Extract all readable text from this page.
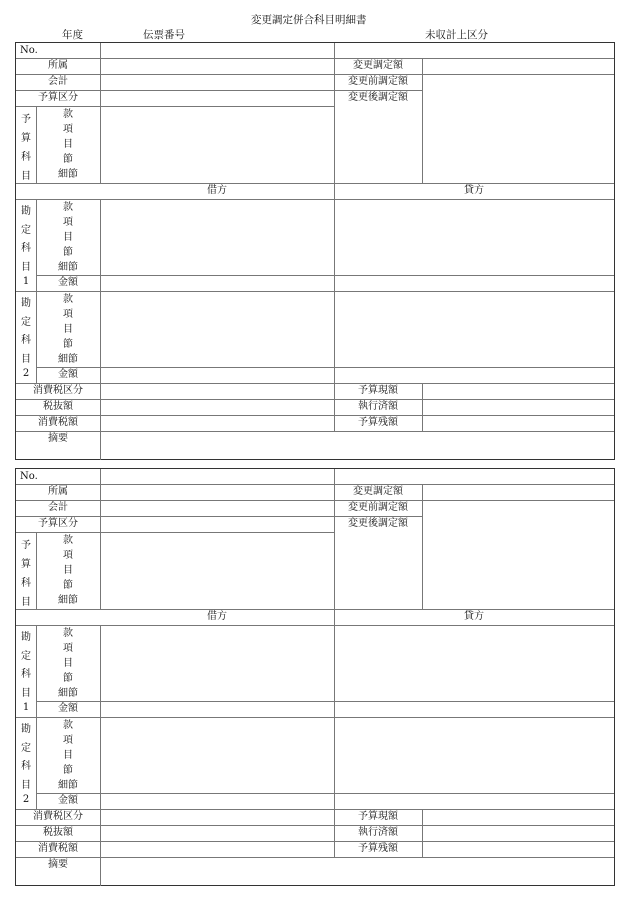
変更調定併合科目明細書
年度	伝票番号	未収計上区分
No.
所属	変更調定額
会計	変更前調定額
予算区分	変更後調定額
予
算
科
目
款
項
目
節
細節
借方	貸方
勘
定
科
目
1
款
項
目
節
細節
金額
勘
定
科
目
2
款
項
目
節
細節
金額
消費税区分	予算現額
税抜額	執行済額
消費税額	予算残額
摘要
No.
所属	変更調定額
会計	変更前調定額
予算区分	変更後調定額
予
算
科
目
款
項
目
節
細節
借方	貸方
勘
定
科
目
1
款
項
目
節
細節
金額
勘
定
科
目
2
款
項
目
節
細節
金額
消費税区分	予算現額
税抜額	執行済額
消費税額	予算残額
摘要
